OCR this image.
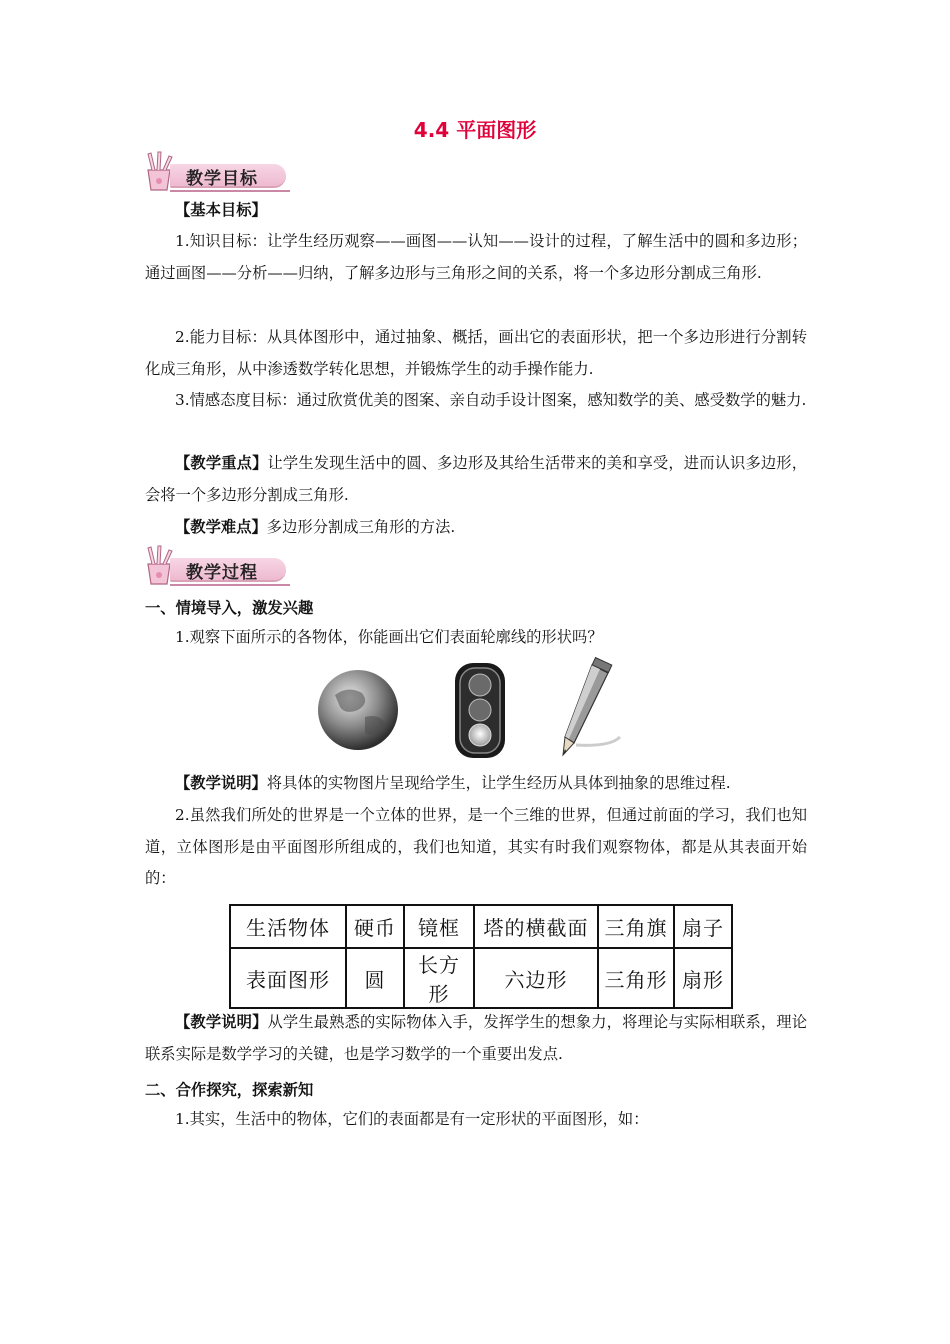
4.4 平面图形
教学目标
【基本目标】
1.知识目标：让学生经历观察——画图——认知——设计的过程，了解生活中的圆和多边形；通过画图——分析——归纳，了解多边形与三角形之间的关系，将一个多边形分割成三角形.
2.能力目标：从具体图形中，通过抽象、概括，画出它的表面形状，把一个多边形进行分割转化成三角形，从中渗透数学转化思想，并锻炼学生的动手操作能力.
3.情感态度目标：通过欣赏优美的图案、亲自动手设计图案，感知数学的美、感受数学的魅力.
【教学重点】让学生发现生活中的圆、多边形及其给生活带来的美和享受，进而认识多边形，会将一个多边形分割成三角形.
【教学难点】多边形分割成三角形的方法.
教学过程
一、情境导入，激发兴趣
1.观察下面所示的各物体，你能画出它们表面轮廓线的形状吗？
【教学说明】将具体的实物图片呈现给学生，让学生经历从具体到抽象的思维过程.
2.虽然我们所处的世界是一个立体的世界，是一个三维的世界，但通过前面的学习，我们也知道，立体图形是由平面图形所组成的，我们也知道，其实有时我们观察物体，都是从其表面开始的：
生活物体	硬币	镜框	塔的横截面	三角旗	扇子
表面图形	圆	长方形	六边形	三角形	扇形
【教学说明】从学生最熟悉的实际物体入手，发挥学生的想象力，将理论与实际相联系，理论联系实际是数学学习的关键，也是学习数学的一个重要出发点.
二、合作探究，探索新知
1.其实，生活中的物体，它们的表面都是有一定形状的平面图形，如：
